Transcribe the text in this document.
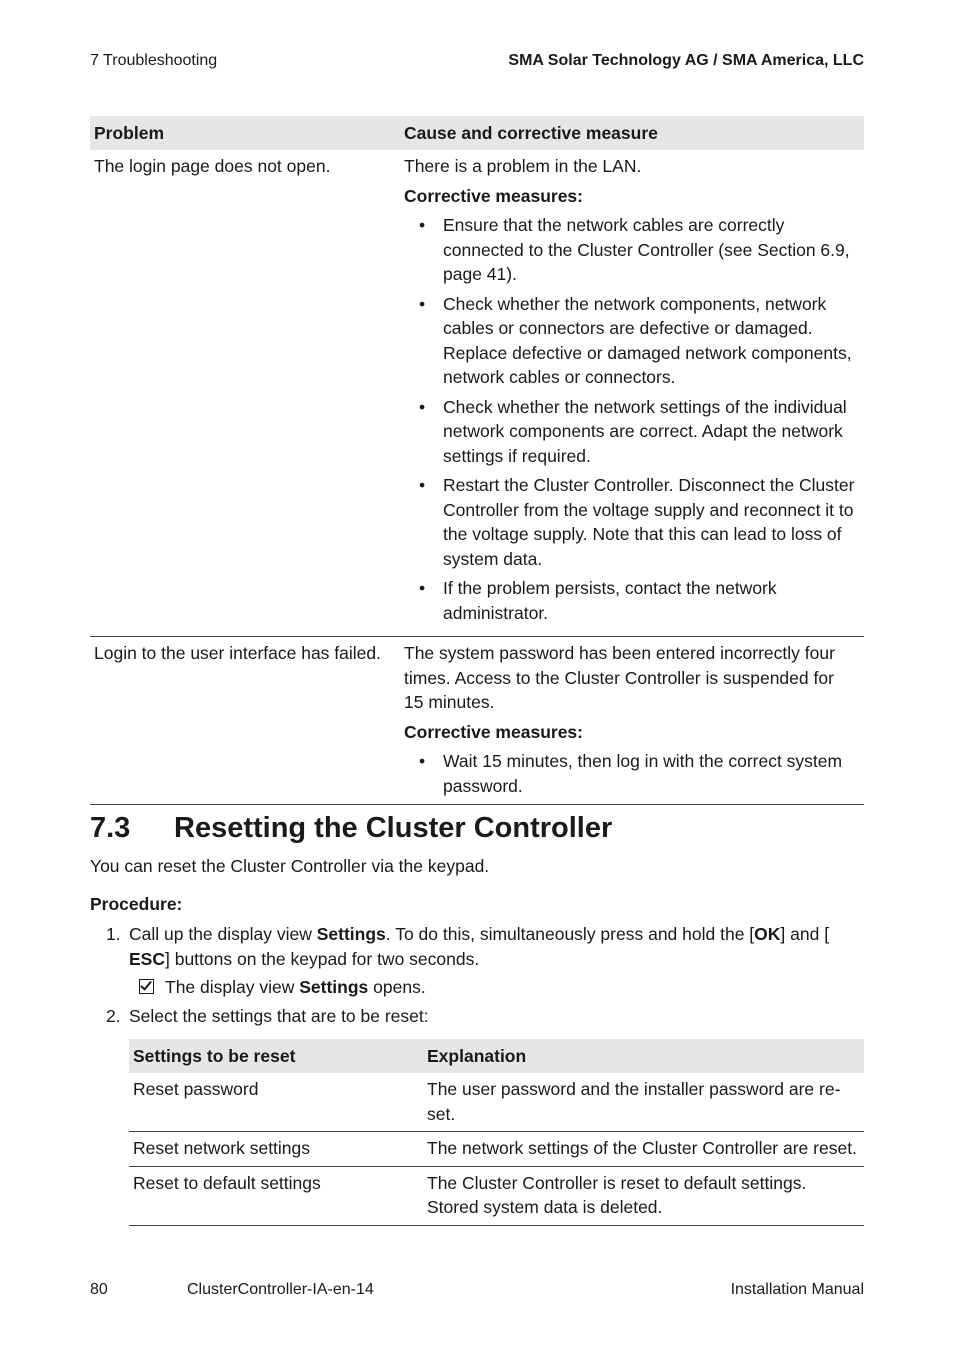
7 Troubleshooting	SMA Solar Technology AG / SMA America, LLC
Problem	Cause and corrective measure
The login page does not open.	There is a problem in the LAN.
Corrective measures:
• Ensure that the network cables are correctly connected to the Cluster Controller (see Section 6.9, page 41).
• Check whether the network components, network cables or connectors are defective or damaged. Replace defective or damaged network components, network cables or connectors.
• Check whether the network settings of the individual network components are correct. Adapt the network settings if required.
• Restart the Cluster Controller. Disconnect the Cluster Controller from the voltage supply and reconnect it to the voltage supply. Note that this can lead to loss of system data.
• If the problem persists, contact the network administrator.
Login to the user interface has failed.	The system password has been entered incorrectly four times. Access to the Cluster Controller is suspended for 15 minutes.
Corrective measures:
• Wait 15 minutes, then log in with the correct system password.
7.3 Resetting the Cluster Controller
You can reset the Cluster Controller via the keypad.
Procedure:
1. Call up the display view Settings. To do this, simultaneously press and hold the [OK] and [
ESC] buttons on the keypad for two seconds.
The display view Settings opens.
2. Select the settings that are to be reset:
Settings to be reset	Explanation
Reset password	The user password and the installer password are re-set.
Reset network settings	The network settings of the Cluster Controller are reset.
Reset to default settings	The Cluster Controller is reset to default settings. Stored system data is deleted.
80	ClusterController-IA-en-14	Installation Manual
